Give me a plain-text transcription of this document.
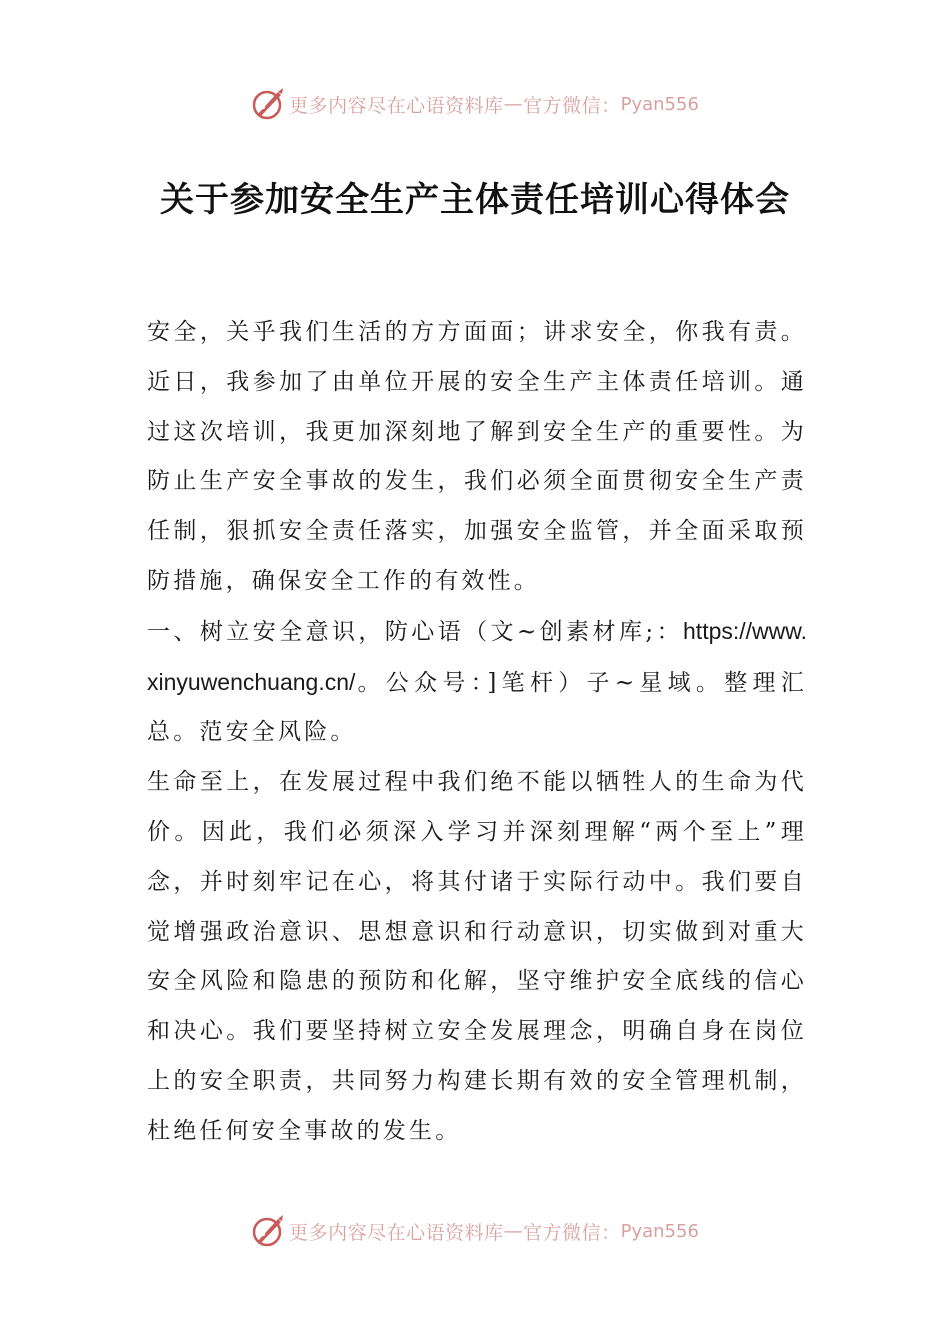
更多内容尽在心语资料库 — 官方微信： Pyan556
关于参加安全生产主体责任培训心得体会

安全，关乎我们生活的方方面面；讲求安全，你我有责。近日，我参加了由单位开展的安全生产主体责任培训。通过这次培训，我更加深刻地了解到安全生产的重要性。为防止生产安全事故的发生，我们必须全面贯彻安全生产责任制，狠抓安全责任落实，加强安全监管，并全面采取预防措施，确保安全工作的有效性。

一、树立安全意识，防心语（文~创素材库;：https://www.xinyuwenchuang.cn/。公众号：]笔杆）子~星域。整理汇总。范安全风险。

生命至上，在发展过程中我们绝不能以牺牲人的生命为代价。因此，我们必须深入学习并深刻理解“两个至上”理念，并时刻牢记在心，将其付诸于实际行动中。我们要自觉增强政治意识、思想意识和行动意识，切实做到对重大安全风险和隐患的预防和化解，坚守维护安全底线的信心和决心。我们要坚持树立安全发展理念，明确自身在岗位上的安全职责，共同努力构建长期有效的安全管理机制，杜绝任何安全事故的发生。

更多内容尽在心语资料库 — 官方微信： Pyan556
